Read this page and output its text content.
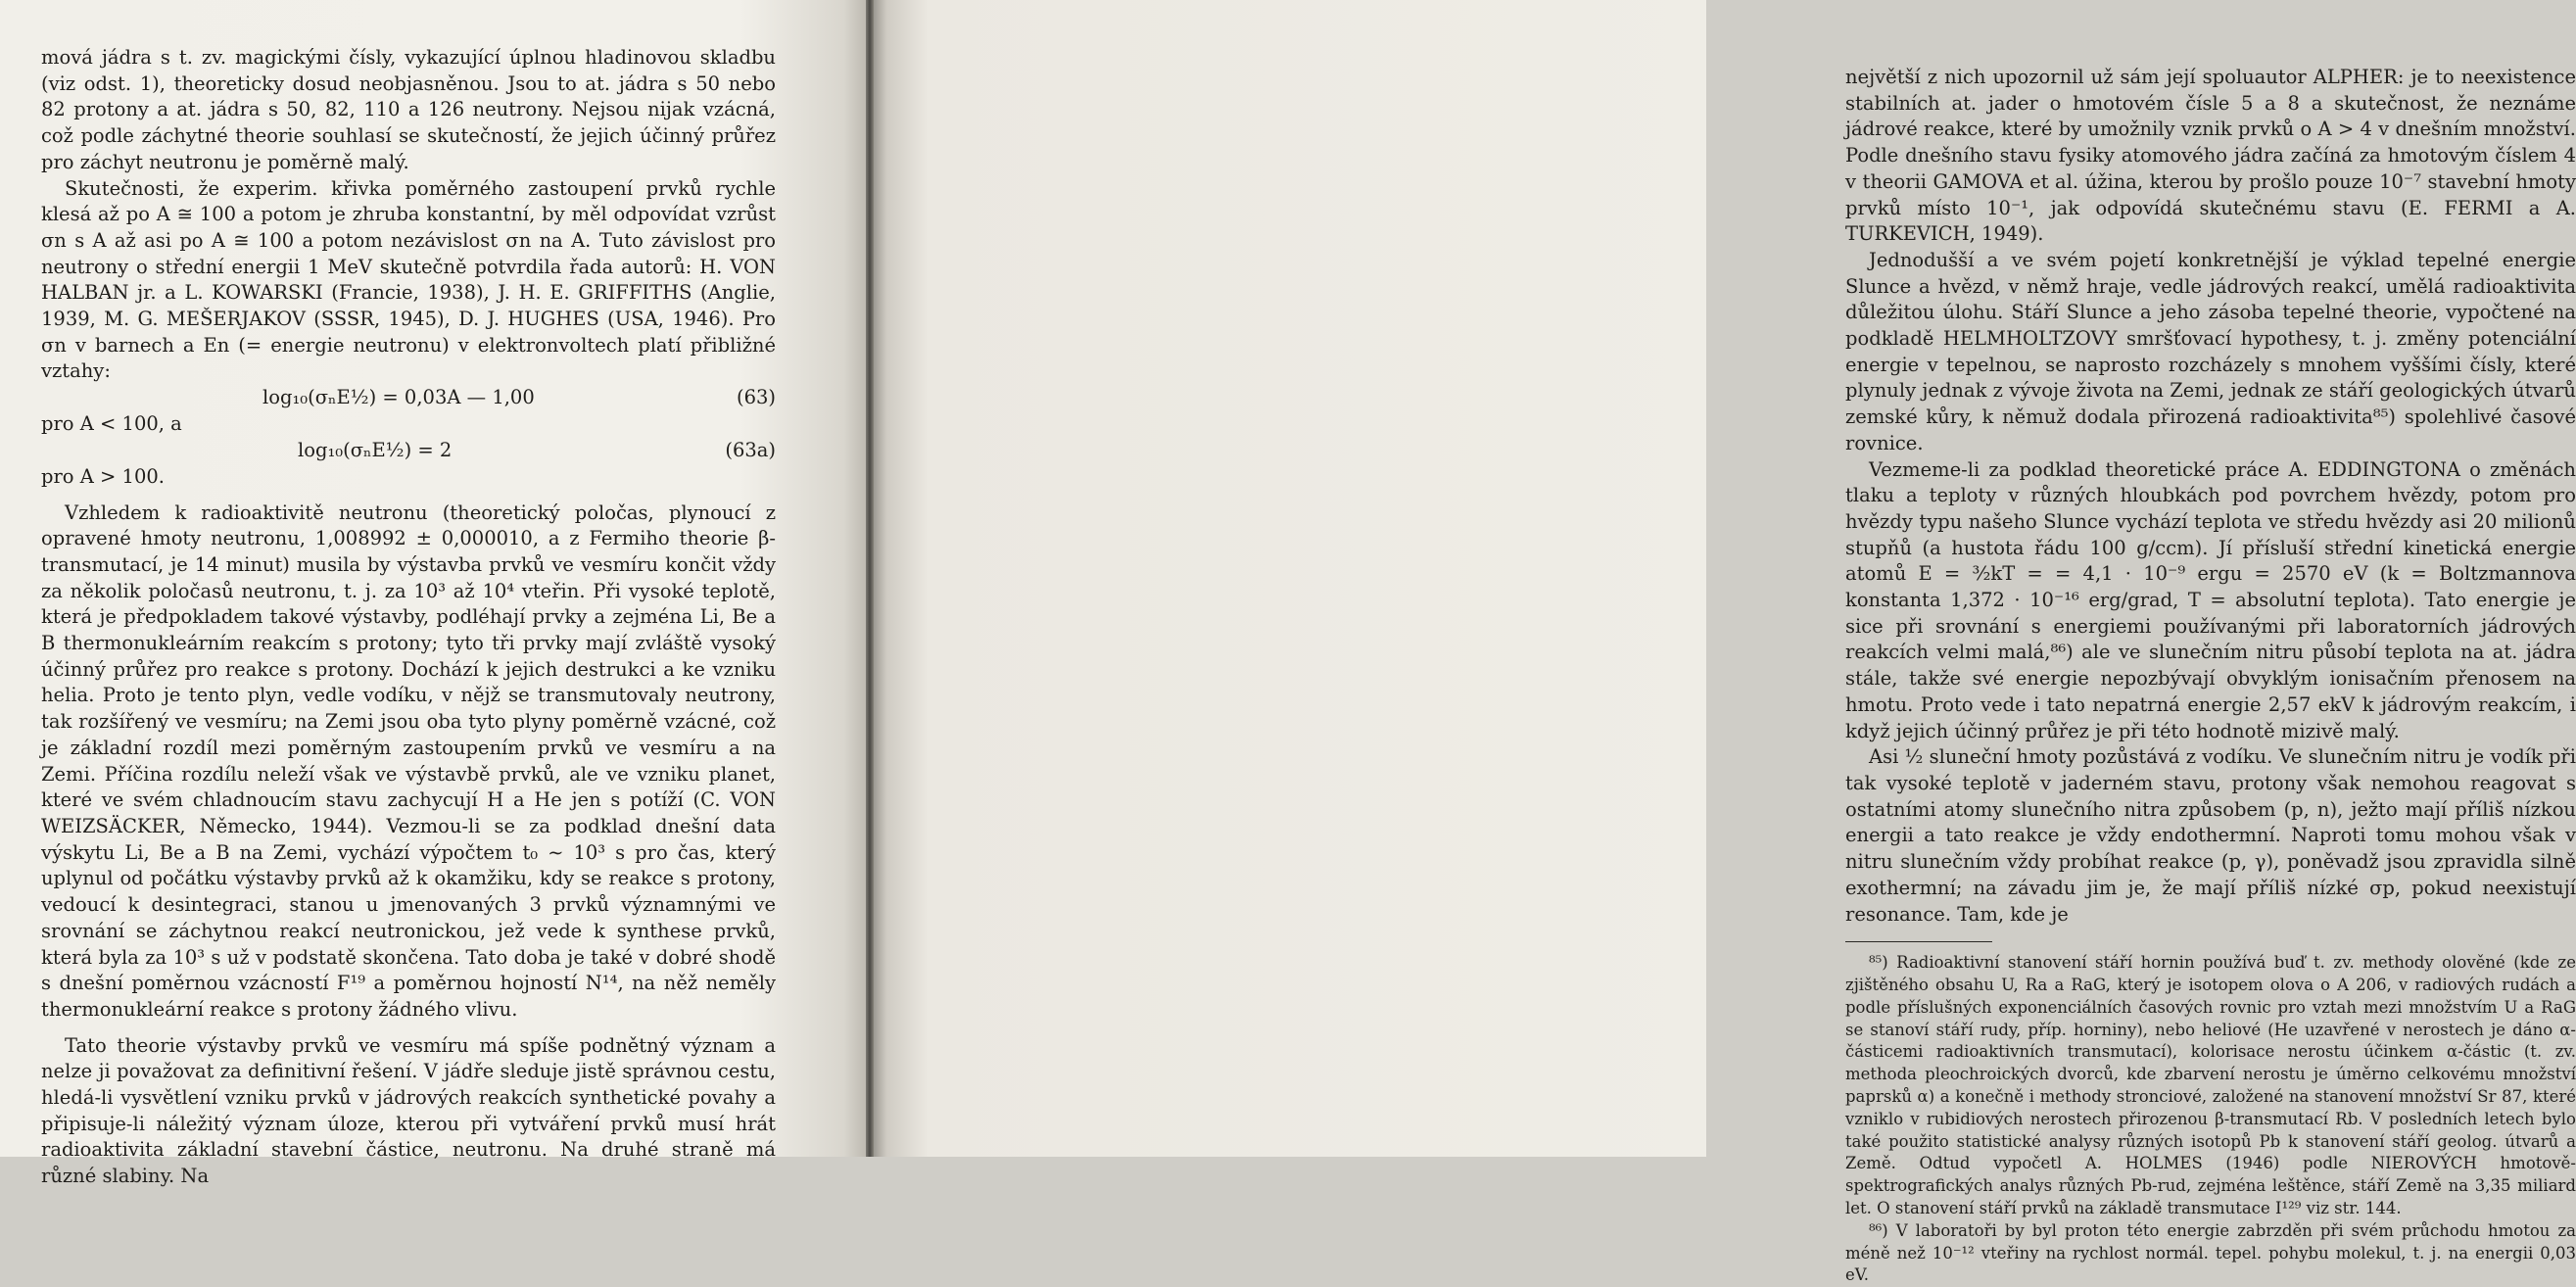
mová jádra s t. zv. magickými čísly, vykazující úplnou hladinovou skladbu (viz odst. 1), theoreticky dosud neobjasněnou. Jsou to at. jádra s 50 nebo 82 protony a at. jádra s 50, 82, 110 a 126 neutrony. Nejsou nijak vzácná, což podle záchytné theorie souhlasí se skutečností, že jejich účinný průřez pro záchyt neutronu je poměrně malý.

Skutečnosti, že experim. křivka poměrného zastoupení prvků rychle klesá až po A ≅ 100 a potom je zhruba konstantní, by měl odpovídat vzrůst σn s A až asi po A ≅ 100 a potom nezávislost σn na A. Tuto závislost pro neutrony o střední energii 1 MeV skutečně potvrdila řada autorů: H. VON HALBAN jr. a L. KOWARSKI (Francie, 1938), J. H. E. GRIFFITHS (Anglie, 1939, M. G. MEŠERJAKOV (SSSR, 1945), D. J. HUGHES (USA, 1946). Pro σn v barnech a En (= energie neutronu) v elektronvoltech platí přibližné vztahy:

log₁₀(σₙE½) = 0,03A — 1,00	(63)

pro A < 100, a

log₁₀(σₙE½) = 2	(63a)

pro A > 100.

Vzhledem k radioaktivitě neutronu (theoretický poločas, plynoucí z opravené hmoty neutronu, 1,008992 ± 0,000010, a z Fermiho theorie β-transmutací, je 14 minut) musila by výstavba prvků ve vesmíru končit vždy za několik poločasů neutronu, t. j. za 10³ až 10⁴ vteřin. Při vysoké teplotě, která je předpokladem takové výstavby, podléhají prvky a zejména Li, Be a B thermonukleárním reakcím s protony; tyto tři prvky mají zvláště vysoký účinný průřez pro reakce s protony. Dochází k jejich destrukci a ke vzniku helia. Proto je tento plyn, vedle vodíku, v nějž se transmutovaly neutrony, tak rozšířený ve vesmíru; na Zemi jsou oba tyto plyny poměrně vzácné, což je základní rozdíl mezi poměrným zastoupením prvků ve vesmíru a na Zemi. Příčina rozdílu neleží však ve výstavbě prvků, ale ve vzniku planet, které ve svém chladnoucím stavu zachycují H a He jen s potíží (C. VON WEIZSÄCKER, Německo, 1944). Vezmou-li se za podklad dnešní data výskytu Li, Be a B na Zemi, vychází výpočtem t₀ ∼ 10³ s pro čas, který uplynul od počátku výstavby prvků až k okamžiku, kdy se reakce s protony, vedoucí k desintegraci, stanou u jmenovaných 3 prvků významnými ve srovnání se záchytnou reakcí neutronickou, jež vede k synthese prvků, která byla za 10³ s už v podstatě skončena. Tato doba je také v dobré shodě s dnešní poměrnou vzácností F¹⁹ a poměrnou hojností N¹⁴, na něž neměly thermonukleární reakce s protony žádného vlivu.

Tato theorie výstavby prvků ve vesmíru má spíše podnětný význam a nelze ji považovat za definitivní řešení. V jádře sleduje jistě správnou cestu, hledá-li vysvětlení vzniku prvků v jádrových reakcích synthetické povahy a připisuje-li náležitý význam úloze, kterou při vytváření prvků musí hrát radioaktivita základní stavební částice, neutronu. Na druhé straně má různé slabiny. Na

největší z nich upozornil už sám její spoluautor ALPHER: je to neexistence stabilních at. jader o hmotovém čísle 5 a 8 a skutečnost, že neznáme jádrové reakce, které by umožnily vznik prvků o A > 4 v dnešním množství. Podle dnešního stavu fysiky atomového jádra začíná za hmotovým číslem 4 v theorii GAMOVA et al. úžina, kterou by prošlo pouze 10⁻⁷ stavební hmoty prvků místo 10⁻¹, jak odpovídá skutečnému stavu (E. FERMI a A. TURKEVICH, 1949).

Jednodušší a ve svém pojetí konkretnější je výklad tepelné energie Slunce a hvězd, v němž hraje, vedle jádrových reakcí, umělá radioaktivita důležitou úlohu. Stáří Slunce a jeho zásoba tepelné theorie, vypočtené na podkladě HELMHOLTZOVY smršťovací hypothesy, t. j. změny potenciální energie v tepelnou, se naprosto rozcházely s mnohem vyššími čísly, které plynuly jednak z vývoje života na Zemi, jednak ze stáří geologických útvarů zemské kůry, k němuž dodala přirozená radioaktivita⁸⁵) spolehlivé časové rovnice.

Vezmeme-li za podklad theoretické práce A. EDDINGTONA o změnách tlaku a teploty v různých hloubkách pod povrchem hvězdy, potom pro hvězdy typu našeho Slunce vychází teplota ve středu hvězdy asi 20 milionů stupňů (a hustota řádu 100 g/ccm). Jí přísluší střední kinetická energie atomů E = ³⁄₂kT = = 4,1 · 10⁻⁹ ergu = 2570 eV (k = Boltzmannova konstanta 1,372 · 10⁻¹⁶ erg/grad, T = absolutní teplota). Tato energie je sice při srovnání s energiemi používanými při laboratorních jádrových reakcích velmi malá,⁸⁶) ale ve slunečním nitru působí teplota na at. jádra stále, takže své energie nepozbývají obvyklým ionisačním přenosem na hmotu. Proto vede i tato nepatrná energie 2,57 ekV k jádrovým reakcím, i když jejich účinný průřez je při této hodnotě mizivě malý.

Asi ½ sluneční hmoty pozůstává z vodíku. Ve slunečním nitru je vodík při tak vysoké teplotě v jaderném stavu, protony však nemohou reagovat s ostatními atomy slunečního nitra způsobem (p, n), ježto mají příliš nízkou energii a tato reakce je vždy endothermní. Naproti tomu mohou však v nitru slunečním vždy probíhat reakce (p, γ), poněvadž jsou zpravidla silně exothermní; na závadu jim je, že mají příliš nízké σp, pokud neexistují resonance. Tam, kde je

⁸⁵) Radioaktivní stanovení stáří hornin používá buď t. zv. methody olověné (kde ze zjištěného obsahu U, Ra a RaG, který je isotopem olova o A 206, v radiových rudách a podle příslušných exponenciálních časových rovnic pro vztah mezi množstvím U a RaG se stanoví stáří rudy, příp. horniny), nebo heliové (He uzavřené v nerostech je dáno α-částicemi radioaktivních transmutací), kolorisace nerostu účinkem α-částic (t. zv. methoda pleochroických dvorců, kde zbarvení nerostu je úměrno celkovému množství paprsků α) a konečně i methody stronciové, založené na stanovení množství Sr 87, které vzniklo v rubidiových nerostech přirozenou β-transmutací Rb. V posledních letech bylo také použito statistické analysy různých isotopů Pb k stanovení stáří geolog. útvarů a Země. Odtud vypočetl A. HOLMES (1946) podle NIEROVÝCH hmotově-spektrografických analys různých Pb-rud, zejména leštěnce, stáří Země na 3,35 miliard let. O stanovení stáří prvků na základě transmutace I¹²⁹ viz str. 144.

⁸⁶) V laboratoři by byl proton této energie zabrzděn při svém průchodu hmotou za méně než 10⁻¹² vteřiny na rychlost normál. tepel. pohybu molekul, t. j. na energii 0,03 eV.
